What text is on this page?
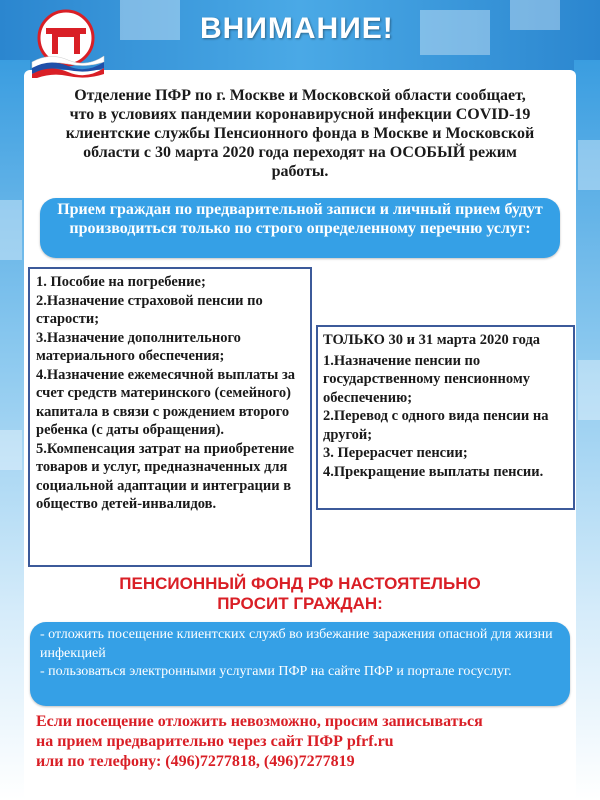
ВНИМАНИЕ!
Отделение ПФР по г. Москве и Московской области сообщает, что в условиях пандемии коронавирусной инфекции COVID-19 клиентские службы Пенсионного фонда в Москве и Московской области с 30 марта 2020 года переходят на ОСОБЫЙ режим работы.
Прием граждан по предварительной записи и личный прием будут производиться только по строго определенному перечню услуг:

1. Пособие на погребение;

2.Назначение страховой пенсии по старости;

3.Назначение дополнительного материального обеспечения;

4.Назначение ежемесячной выплаты за счет средств материнского (семейного) капитала в связи с рождением второго ребенка (с даты обращения).

5.Компенсация затрат на приобретение товаров и услуг, предназначенных для социальной адаптации и интеграции в общество детей-инвалидов.

ТОЛЬКО 30 и 31 марта 2020 года

1.Назначение пенсии по государственному пенсионному обеспечению;

2.Перевод с одного вида пенсии на другой;

3. Перерасчет пенсии;

4.Прекращение выплаты пенсии.

ПЕНСИОННЫЙ ФОНД РФ НАСТОЯТЕЛЬНО
ПРОСИТ ГРАЖДАН:

- отложить посещение клиентских служб во избежание заражения опасной для жизни инфекцией

- пользоваться электронными услугами ПФР на сайте ПФР и портале госуслуг.

Если посещение отложить невозможно, просим записываться

на прием предварительно через сайт ПФР pfrf.ru

или по телефону: (496)7277818, (496)7277819
